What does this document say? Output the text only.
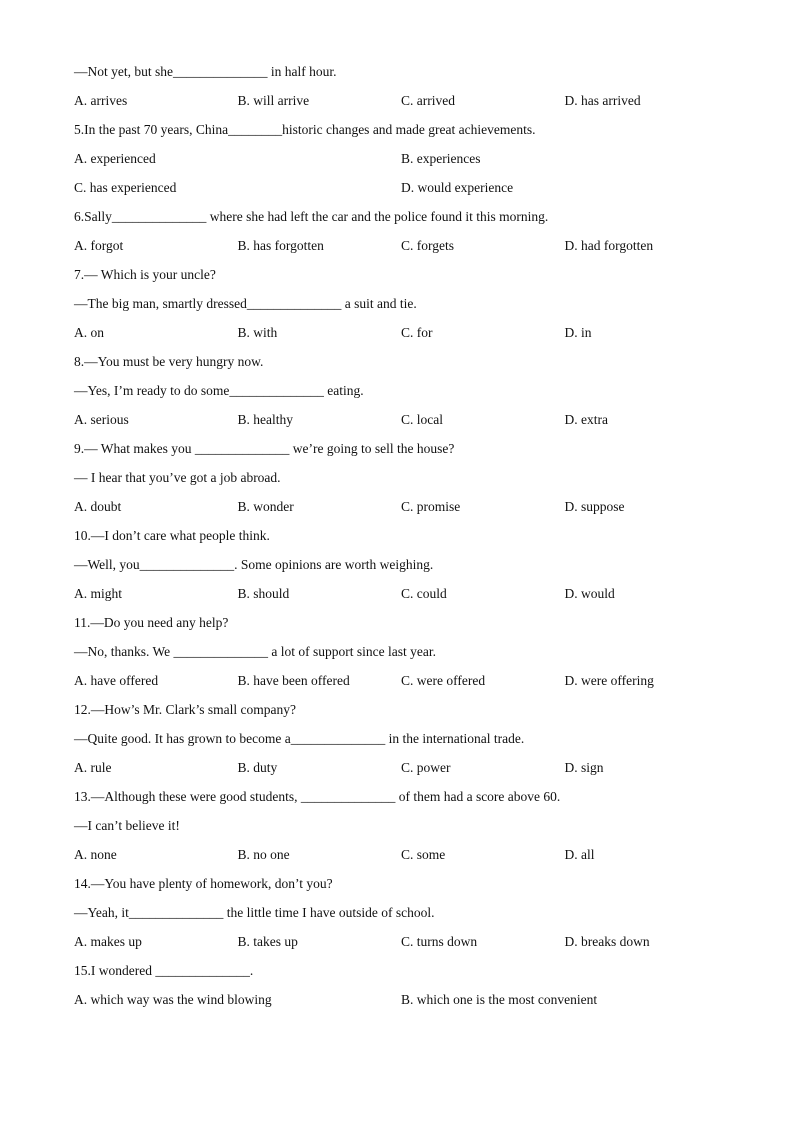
—Not yet, but she______________ in half hour.
A. arrives	B. will arrive	C. arrived	D. has arrived
5.In the past 70 years, China________historic changes and made great achievements.
A. experienced	B. experiences
C. has experienced	D. would experience
6.Sally______________ where she had left the car and the police found it this morning.
A. forgot	B. has forgotten	C. forgets	D. had forgotten
7.— Which is your uncle?
—The big man, smartly dressed______________ a suit and tie.
A. on	B. with	C. for	D. in
8.—You must be very hungry now.
—Yes, I’m ready to do some______________ eating.
A. serious	B. healthy	C. local	D. extra
9.— What makes you ______________ we’re going to sell the house?
— I hear that you’ve got a job abroad.
A. doubt	B. wonder	C. promise	D. suppose
10.—I don’t care what people think.
—Well, you______________. Some opinions are worth weighing.
A. might	B. should	C. could	D. would
11.—Do you need any help?
—No, thanks. We ______________ a lot of support since last year.
A. have offered	B. have been offered	C. were offered	D. were offering
12.—How’s Mr. Clark’s small company?
—Quite good. It has grown to become a______________ in the international trade.
A. rule	B. duty	C. power	D. sign
13.—Although these were good students, ______________ of them had a score above 60.
—I can’t believe it!
A. none	B. no one	C. some	D. all
14.—You have plenty of homework, don’t you?
—Yeah, it______________ the little time I have outside of school.
A. makes up	B. takes up	C. turns down	D. breaks down
15.I wondered ______________.
A. which way was the wind blowing	B. which one is the most convenient
